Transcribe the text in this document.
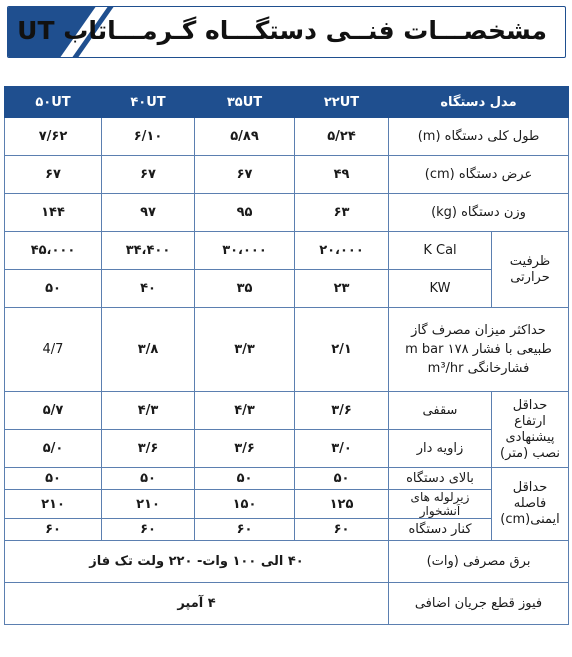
مشخصـــات فنــی دستگـــاه گـرمـــاتاب UT
مدل دستگاه		۲۲UT	۳۵UT	۴۰UT	۵۰UT
طول کلی دستگاه (m)		۵/۲۴	۵/۸۹	۶/۱۰	۷/۶۲
عرض دستگاه (cm)		۴۹	۶۷	۶۷	۶۷
وزن دستگاه (kg)		۶۳	۹۵	۹۷	۱۴۴
ظرفیت حرارتی	K Cal	۲۰،۰۰۰	۳۰،۰۰۰	۳۴،۴۰۰	۴۵،۰۰۰
	KW	۲۳	۳۵	۴۰	۵۰
حداکثر میزان مصرف گاز طبیعی با فشار ۱۷۸ m bar فشارخانگی m³/hr		۲/۱	۳/۳	۳/۸	4/7
حداقل ارتفاع پیشنهادی نصب (متر)	سقفی	۳/۶	۴/۳	۴/۳	۵/۷
	زاویه دار	۳/۰	۳/۶	۳/۶	۵/۰
حداقل فاصله ایمنی(cm)	بالای دستگاه	۵۰	۵۰	۵۰	۵۰
	زیرلوله های اَنشخوار	۱۲۵	۱۵۰	۲۱۰	۲۱۰
	کنار دستگاه	۶۰	۶۰	۶۰	۶۰
برق مصرفی (وات)		۴۰ الی ۱۰۰ وات- ۲۲۰ ولت تک فاز			
فیوز قطع جریان اضافی		۴ آمپر			
